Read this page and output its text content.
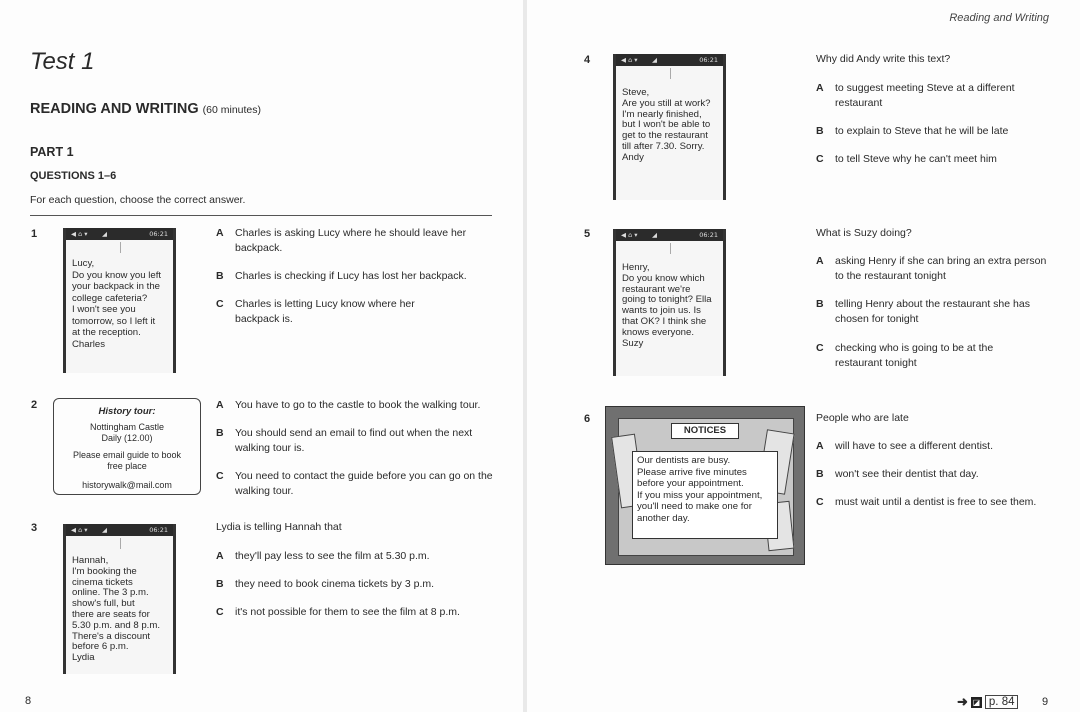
Test 1
READING AND WRITING (60 minutes)
PART 1
QUESTIONS 1–6
For each question, choose the correct answer.
1	◀ ⌂ ▾       ◢	06:21
Lucy,
Do you know you left
your backpack in the
college cafeteria?
I won't see you
tomorrow, so I left it
at the reception.
Charles
A	Charles is asking Lucy where he should leave her backpack.
B	Charles is checking if Lucy has lost her backpack.
C	Charles is letting Lucy know where her backpack is.
2
History tour:
Nottingham Castle
Daily (12.00)
Please email guide to book free place
historywalk@mail.com
A	You have to go to the castle to book the walking tour.
B	You should send an email to find out when the next walking tour is.
C	You need to contact the guide before you can go on the walking tour.
3	◀ ⌂ ▾       ◢	06:21
Hannah,
I'm booking the
cinema tickets
online. The 3 p.m.
show's full, but
there are seats for
5.30 p.m. and 8 p.m.
There's a discount
before 6 p.m.
Lydia
Lydia is telling Hannah that
A	they'll pay less to see the film at 5.30 p.m.
B	they need to book cinema tickets by 3 p.m.
C	it's not possible for them to see the film at 8 p.m.
8
Reading and Writing
4	◀ ⌂ ▾       ◢	06:21
Steve,
Are you still at work?
I'm nearly finished,
but I won't be able to
get to the restaurant
till after 7.30. Sorry.
Andy
Why did Andy write this text?
A	to suggest meeting Steve at a different restaurant
B	to explain to Steve that he will be late
C	to tell Steve why he can't meet him
5	◀ ⌂ ▾       ◢	06:21
Henry,
Do you know which
restaurant we're
going to tonight? Ella
wants to join us. Is
that OK? I think she
knows everyone.
Suzy
What is Suzy doing?
A	asking Henry if she can bring an extra person to the restaurant tonight
B	telling Henry about the restaurant she has chosen for tonight
C	checking who is going to be at the restaurant tonight
6
NOTICES
Our dentists are busy.
Please arrive five minutes
before your appointment.
If you miss your appointment,
you'll need to make one for
another day.
People who are late
A	will have to see a different dentist.
B	won't see their dentist that day.
C	must wait until a dentist is free to see them.
➜ ◪ p. 84	9
